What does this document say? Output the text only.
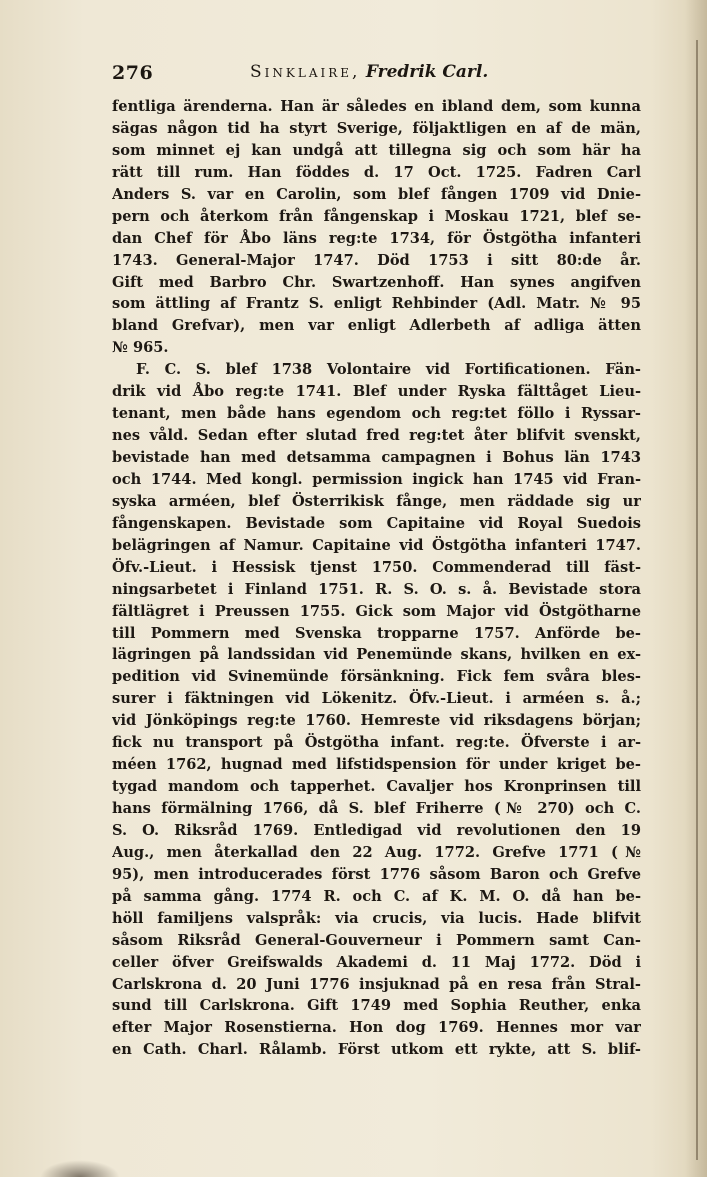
276	Sinklaire, Fredrik Carl.
fentliga ärenderna. Han är således en ibland dem, som kunna
sägas någon tid ha styrt Sverige, följaktligen en af de män,
som minnet ej kan undgå att tillegna sig och som här ha
rätt till rum. Han föddes d. 17 Oct. 1725. Fadren Carl
Anders S. var en Carolin, som blef fången 1709 vid Dnie-
pern och återkom från fångenskap i Moskau 1721, blef se-
dan Chef för Åbo läns reg:te 1734, för Östgötha infanteri
1743. General-Major 1747. Död 1753 i sitt 80:de år.
Gift med Barbro Chr. Swartzenhoff. Han synes angifven
som ättling af Frantz S. enligt Rehbinder (Adl. Matr. № 95
bland Grefvar), men var enligt Adlerbeth af adliga ätten
№ 965.
F. C. S. blef 1738 Volontaire vid Fortificationen. Fän-
drik vid Åbo reg:te 1741. Blef under Ryska fälttåget Lieu-
tenant, men både hans egendom och reg:tet föllo i Ryssar-
nes våld. Sedan efter slutad fred reg:tet åter blifvit svenskt,
bevistade han med detsamma campagnen i Bohus län 1743
och 1744. Med kongl. permission ingick han 1745 vid Fran-
syska arméen, blef Österrikisk fånge, men räddade sig ur
fångenskapen. Bevistade som Capitaine vid Royal Suedois
belägringen af Namur. Capitaine vid Östgötha infanteri 1747.
Öfv.-Lieut. i Hessisk tjenst 1750. Commenderad till fäst-
ningsarbetet i Finland 1751. R. S. O. s. å. Bevistade stora
fältlägret i Preussen 1755. Gick som Major vid Östgötharne
till Pommern med Svenska tropparne 1757. Anförde be-
lägringen på landssidan vid Penemünde skans, hvilken en ex-
pedition vid Svinemünde försänkning. Fick fem svåra bles-
surer i fäktningen vid Lökenitz. Öfv.-Lieut. i arméen s. å.;
vid Jönköpings reg:te 1760. Hemreste vid riksdagens början;
fick nu transport på Östgötha infant. reg:te. Öfverste i ar-
méen 1762, hugnad med lifstidspension för under kriget be-
tygad mandom och tapperhet. Cavaljer hos Kronprinsen till
hans förmälning 1766, då S. blef Friherre (№ 270) och C.
S. O. Riksråd 1769. Entledigad vid revolutionen den 19
Aug., men återkallad den 22 Aug. 1772. Grefve 1771 (№
95), men introducerades först 1776 såsom Baron och Grefve
på samma gång. 1774 R. och C. af K. M. O. då han be-
höll familjens valspråk: via crucis, via lucis. Hade blifvit
såsom Riksråd General-Gouverneur i Pommern samt Can-
celler öfver Greifswalds Akademi d. 11 Maj 1772. Död i
Carlskrona d. 20 Juni 1776 insjuknad på en resa från Stral-
sund till Carlskrona. Gift 1749 med Sophia Reuther, enka
efter Major Rosenstierna. Hon dog 1769. Hennes mor var
en Cath. Charl. Rålamb. Först utkom ett rykte, att S. blif-
